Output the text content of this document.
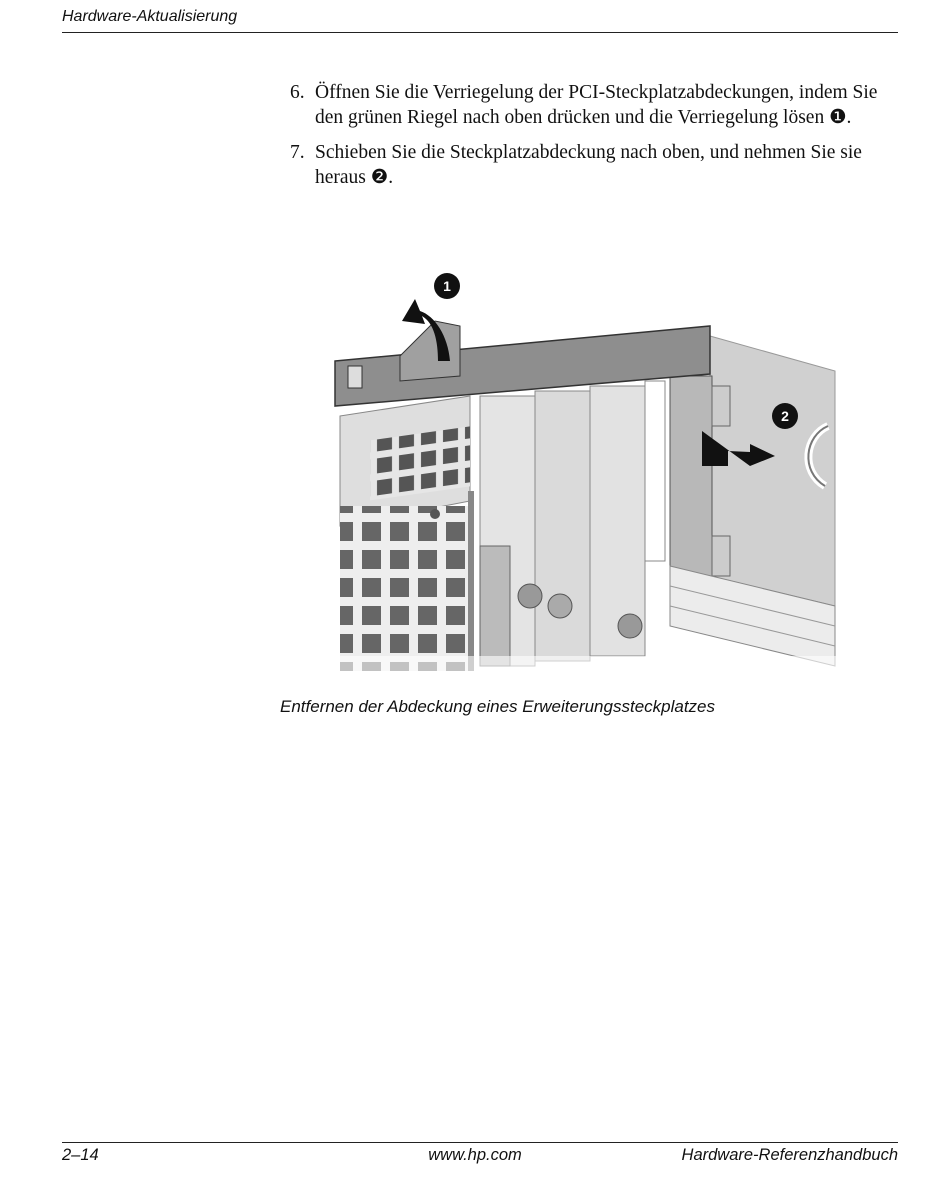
Hardware-Aktualisierung
6. Öffnen Sie die Verriegelung der PCI-Steckplatzabdeckungen, indem Sie den grünen Riegel nach oben drücken und die Verriegelung lösen ❶.
7. Schieben Sie die Steckplatzabdeckung nach oben, und nehmen Sie sie heraus ❷.
1
2
Entfernen der Abdeckung eines Erweiterungssteckplatzes
2–14	www.hp.com	Hardware-Referenzhandbuch
